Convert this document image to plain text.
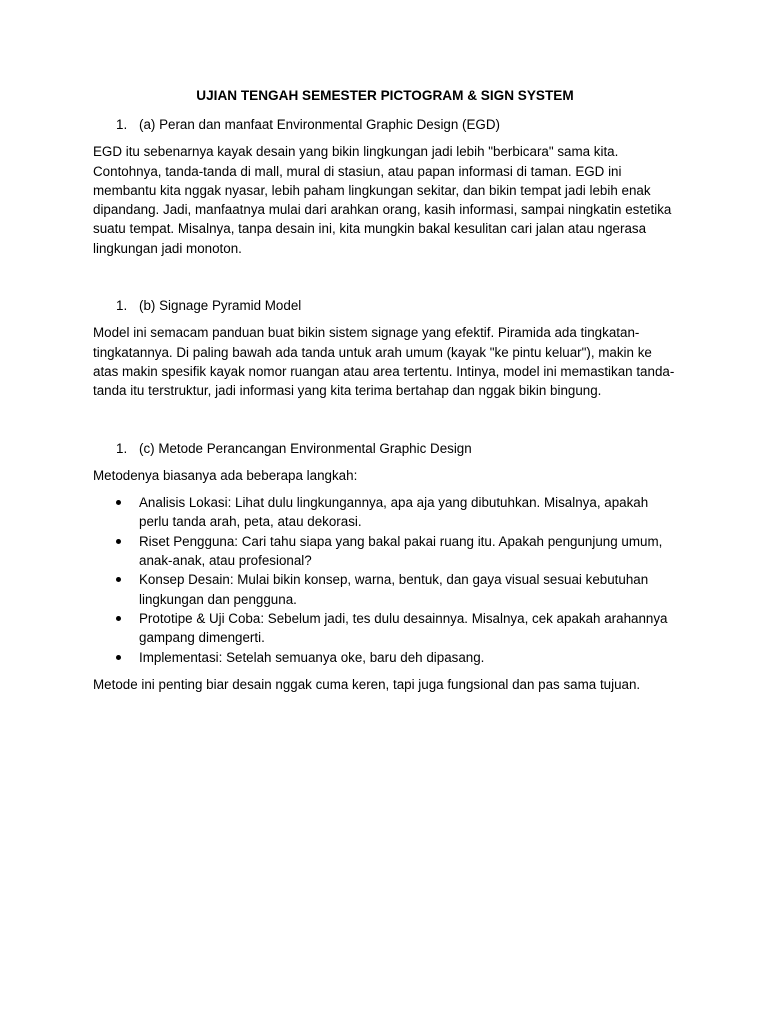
UJIAN TENGAH SEMESTER PICTOGRAM & SIGN SYSTEM
1. (a) Peran dan manfaat Environmental Graphic Design (EGD)

EGD itu sebenarnya kayak desain yang bikin lingkungan jadi lebih "berbicara" sama kita. Contohnya, tanda-tanda di mall, mural di stasiun, atau papan informasi di taman. EGD ini membantu kita nggak nyasar, lebih paham lingkungan sekitar, dan bikin tempat jadi lebih enak dipandang. Jadi, manfaatnya mulai dari arahkan orang, kasih informasi, sampai ningkatin estetika suatu tempat. Misalnya, tanpa desain ini, kita mungkin bakal kesulitan cari jalan atau ngerasa lingkungan jadi monoton.

1. (b) Signage Pyramid Model

Model ini semacam panduan buat bikin sistem signage yang efektif. Piramida ada tingkatan-tingkatannya. Di paling bawah ada tanda untuk arah umum (kayak "ke pintu keluar"), makin ke atas makin spesifik kayak nomor ruangan atau area tertentu. Intinya, model ini memastikan tanda-tanda itu terstruktur, jadi informasi yang kita terima bertahap dan nggak bikin bingung.

1. (c) Metode Perancangan Environmental Graphic Design

Metodenya biasanya ada beberapa langkah:

Analisis Lokasi: Lihat dulu lingkungannya, apa aja yang dibutuhkan. Misalnya, apakah perlu tanda arah, peta, atau dekorasi.
Riset Pengguna: Cari tahu siapa yang bakal pakai ruang itu. Apakah pengunjung umum, anak-anak, atau profesional?
Konsep Desain: Mulai bikin konsep, warna, bentuk, dan gaya visual sesuai kebutuhan lingkungan dan pengguna.
Prototipe & Uji Coba: Sebelum jadi, tes dulu desainnya. Misalnya, cek apakah arahannya gampang dimengerti.
Implementasi: Setelah semuanya oke, baru deh dipasang.

Metode ini penting biar desain nggak cuma keren, tapi juga fungsional dan pas sama tujuan.
